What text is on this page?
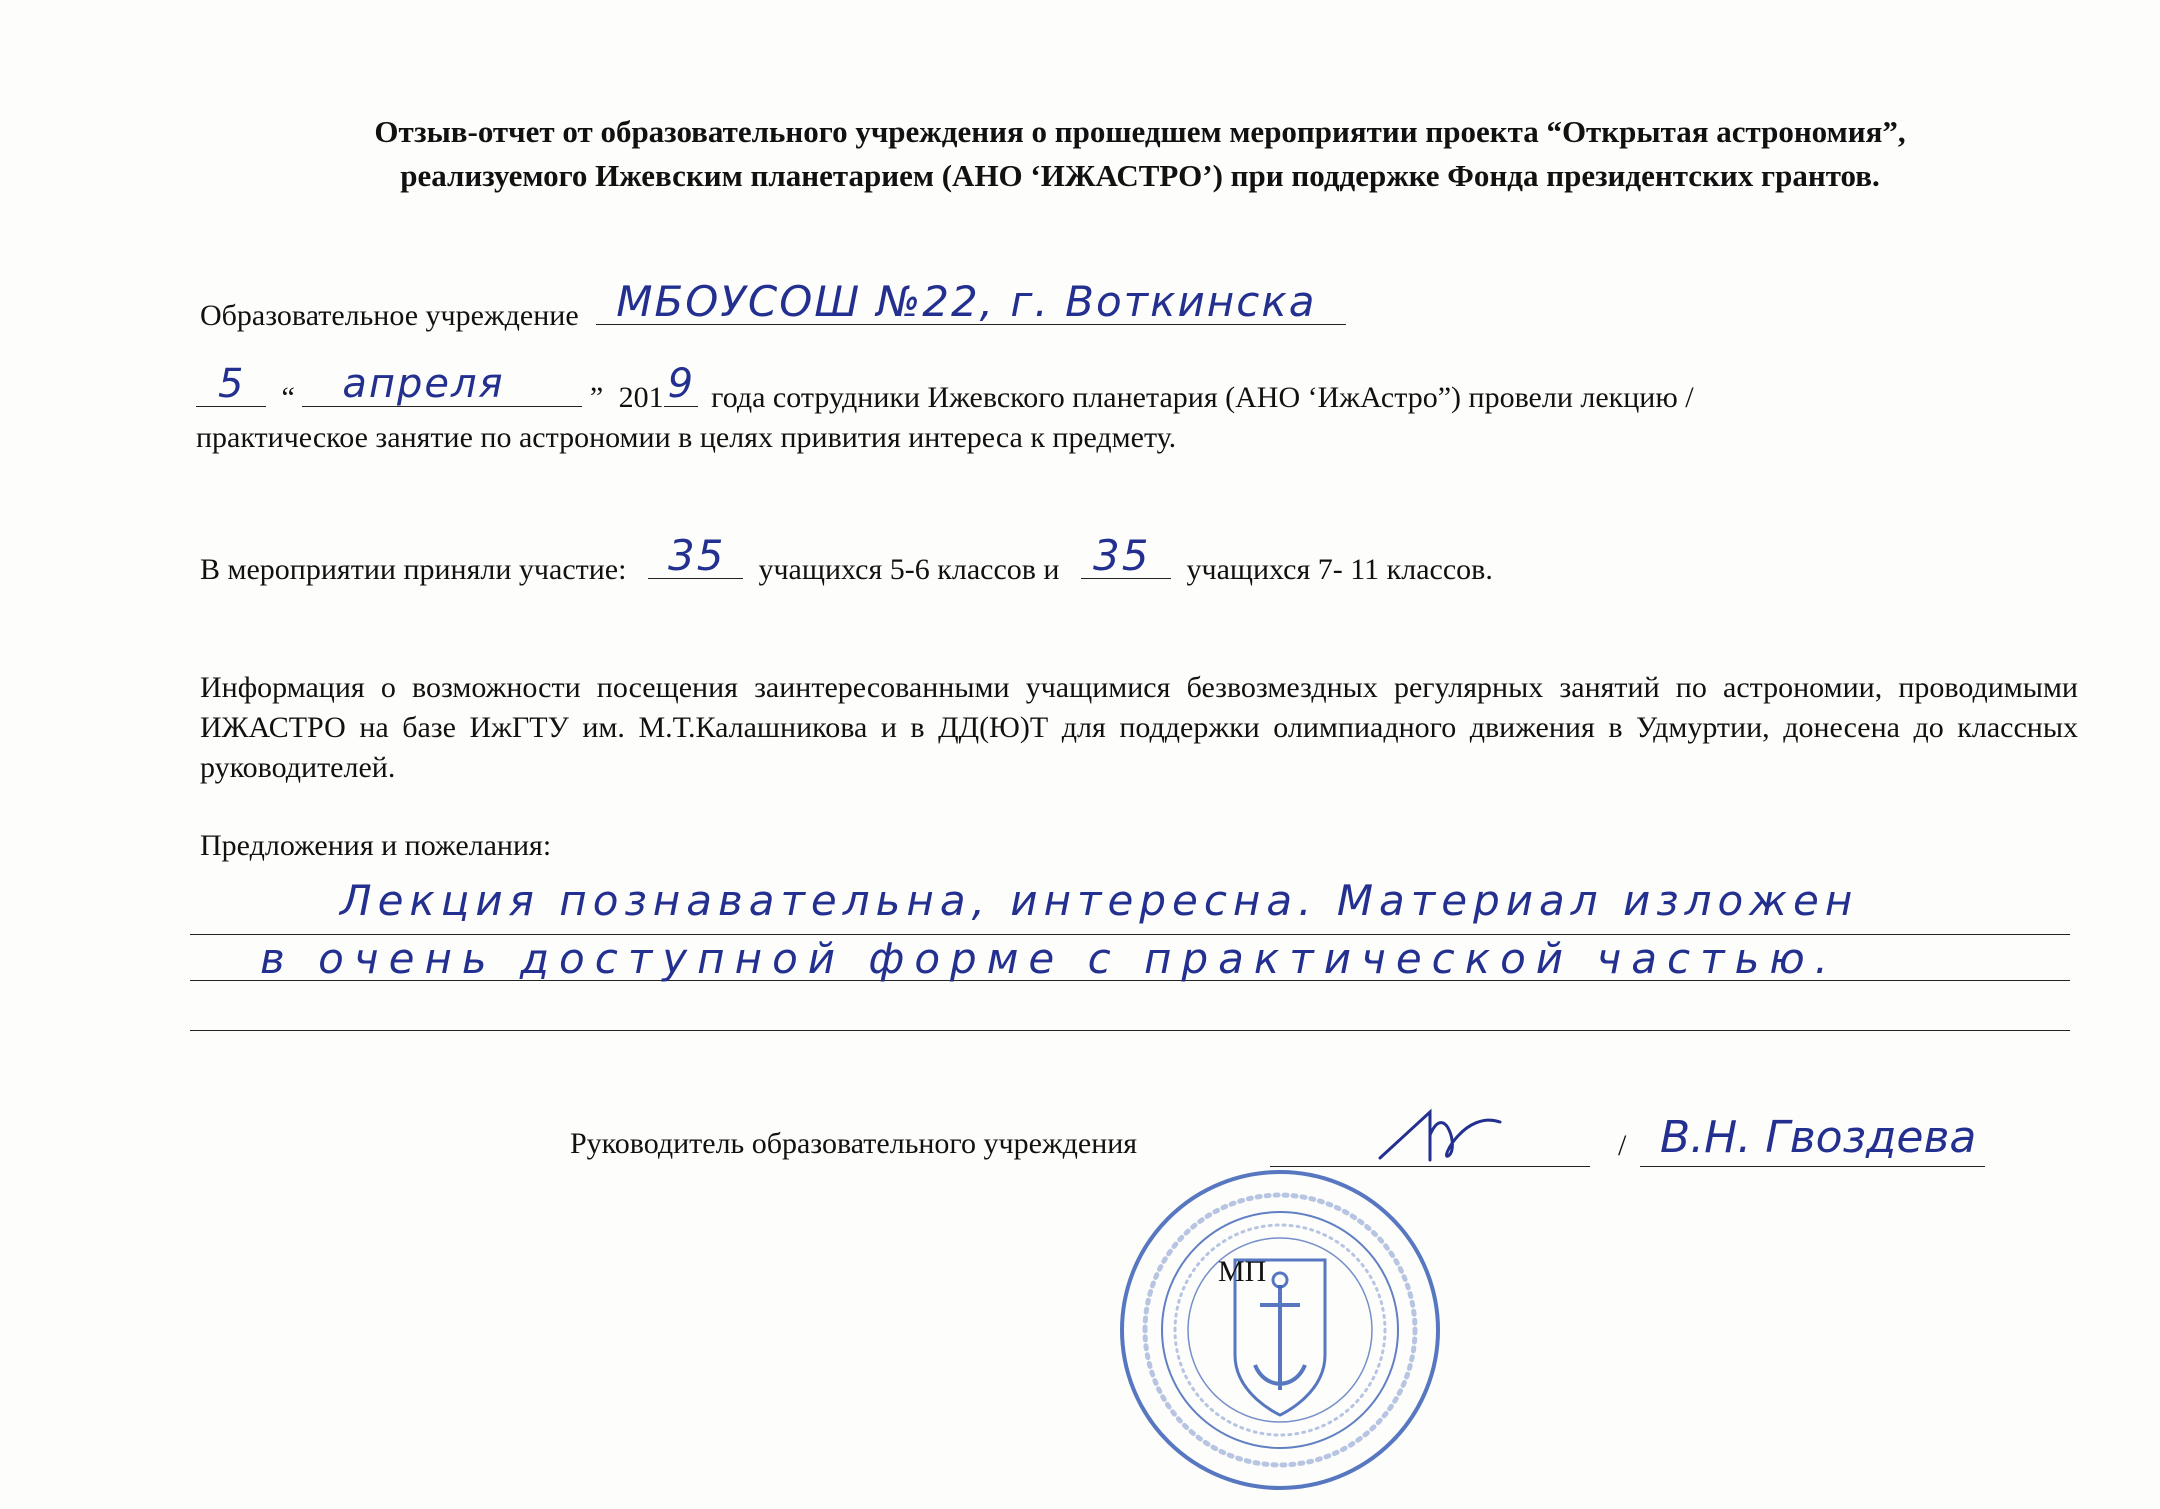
Отзыв-отчет от образовательного учреждения о прошедшем мероприятии проекта “Открытая астрономия”,
реализуемого Ижевским планетарием (АНО ‘ИЖАСТРО’) при поддержке Фонда президентских грантов.
Образовательное учреждение МБОУСОШ №22, г. Воткинска
5 “ апреля	” 201 9 года сотрудники Ижевского планетария (АНО ‘ИжАстро”) провели лекцию /
практическое занятие по астрономии в целях привития интереса к предмету.
В мероприятии приняли участие: 35 учащихся 5-6 классов и 35 учащихся 7- 11 классов.
Информация о возможности посещения заинтересованными учащимися безвозмездных регулярных занятий по астрономии, проводимыми ИЖАСТРО на базе ИжГТУ им. М.Т.Калашникова и в ДД(Ю)Т для поддержки олимпиадного движения в Удмуртии, донесена до классных руководителей.
Предложения и пожелания:
Лекция познавательна, интересна. Материал изложен
в очень доступной форме с практической частью.
Руководитель образовательного учреждения	/ В.Н. Гвоздева
МП
